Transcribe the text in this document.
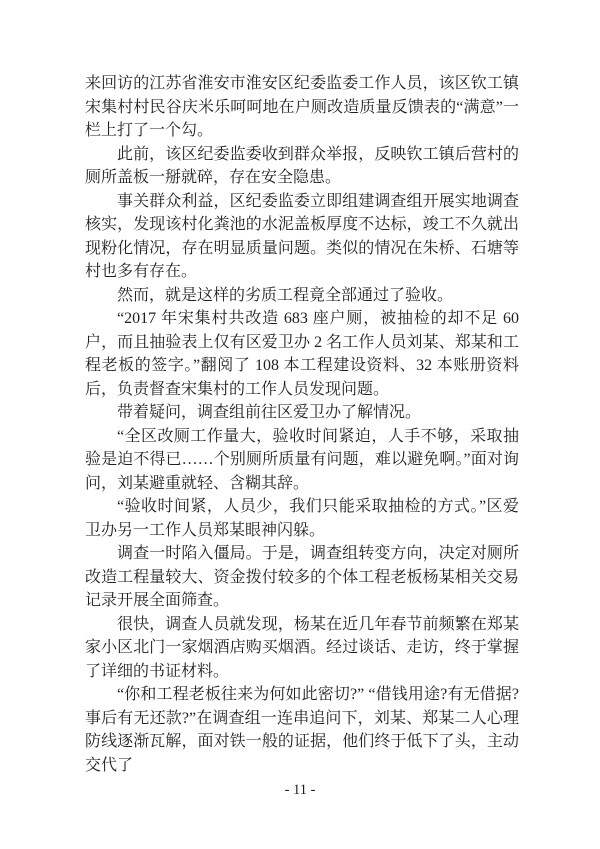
来回访的江苏省淮安市淮安区纪委监委工作人员，该区钦工镇宋集村村民谷庆米乐呵呵地在户厕改造质量反馈表的“满意”一栏上打了一个勾。

此前，该区纪委监委收到群众举报，反映钦工镇后营村的厕所盖板一掰就碎，存在安全隐患。

事关群众利益，区纪委监委立即组建调查组开展实地调查核实，发现该村化粪池的水泥盖板厚度不达标，竣工不久就出现粉化情况，存在明显质量问题。类似的情况在朱桥、石塘等村也多有存在。

然而，就是这样的劣质工程竟全部通过了验收。

“2017 年宋集村共改造 683 座户厕，被抽检的却不足 60 户，而且抽验表上仅有区爱卫办 2 名工作人员刘某、郑某和工程老板的签字。”翻阅了 108 本工程建设资料、32 本账册资料后，负责督查宋集村的工作人员发现问题。

带着疑问，调查组前往区爱卫办了解情况。

“全区改厕工作量大，验收时间紧迫，人手不够，采取抽验是迫不得已……个别厕所质量有问题，难以避免啊。”面对询问，刘某避重就轻、含糊其辞。

“验收时间紧，人员少，我们只能采取抽检的方式。”区爱卫办另一工作人员郑某眼神闪躲。

调查一时陷入僵局。于是，调查组转变方向，决定对厕所改造工程量较大、资金拨付较多的个体工程老板杨某相关交易记录开展全面筛查。

很快，调查人员就发现，杨某在近几年春节前频繁在郑某家小区北门一家烟酒店购买烟酒。经过谈话、走访，终于掌握了详细的书证材料。

“你和工程老板往来为何如此密切?” “借钱用途?有无借据?事后有无还款?”在调查组一连串追问下，刘某、郑某二人心理防线逐渐瓦解，面对铁一般的证据，他们终于低下了头，主动交代了

- 11 -
